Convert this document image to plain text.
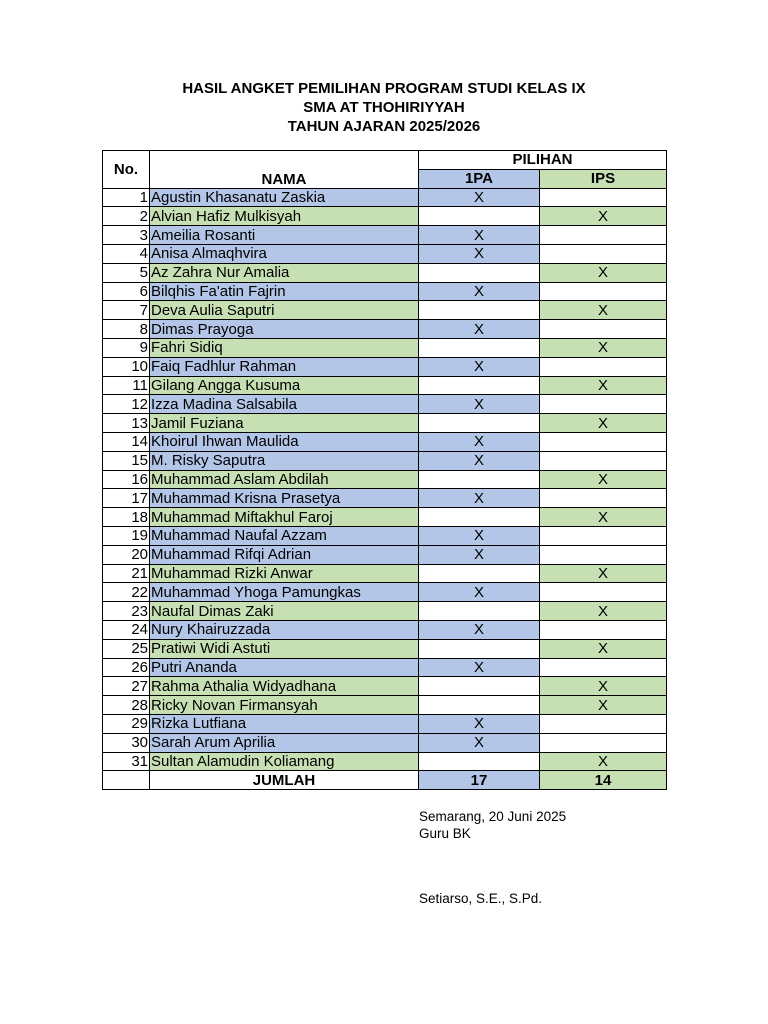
HASIL ANGKET PEMILIHAN PROGRAM STUDI KELAS IX
SMA AT THOHIRIYYAH
TAHUN AJARAN 2025/2026
No.	NAMA	PILIHAN	
		1PA	IPS
1	Agustin Khasanatu Zaskia	X	
2	Alvian Hafiz Mulkisyah		X
3	Ameilia Rosanti	X	
4	Anisa Almaqhvira	X	
5	Az Zahra Nur Amalia		X
6	Bilqhis Fa'atin Fajrin	X	
7	Deva Aulia Saputri		X
8	Dimas Prayoga	X	
9	Fahri Sidiq		X
10	Faiq Fadhlur Rahman	X	
11	Gilang Angga Kusuma		X
12	Izza Madina Salsabila	X	
13	Jamil Fuziana		X
14	Khoirul Ihwan Maulida	X	
15	M. Risky Saputra	X	
16	Muhammad Aslam Abdilah		X
17	Muhammad Krisna Prasetya	X	
18	Muhammad Miftakhul Faroj		X
19	Muhammad Naufal Azzam	X	
20	Muhammad Rifqi Adrian	X	
21	Muhammad Rizki Anwar		X
22	Muhammad Yhoga Pamungkas	X	
23	Naufal Dimas Zaki		X
24	Nury Khairuzzada	X	
25	Pratiwi Widi Astuti		X
26	Putri Ananda	X	
27	Rahma Athalia Widyadhana		X
28	Ricky Novan Firmansyah		X
29	Rizka Lutfiana	X	
30	Sarah Arum Aprilia	X	
31	Sultan Alamudin Koliamang		X
	JUMLAH	17	14
Semarang, 20 Juni 2025
Guru BK
Setiarso, S.E., S.Pd.
